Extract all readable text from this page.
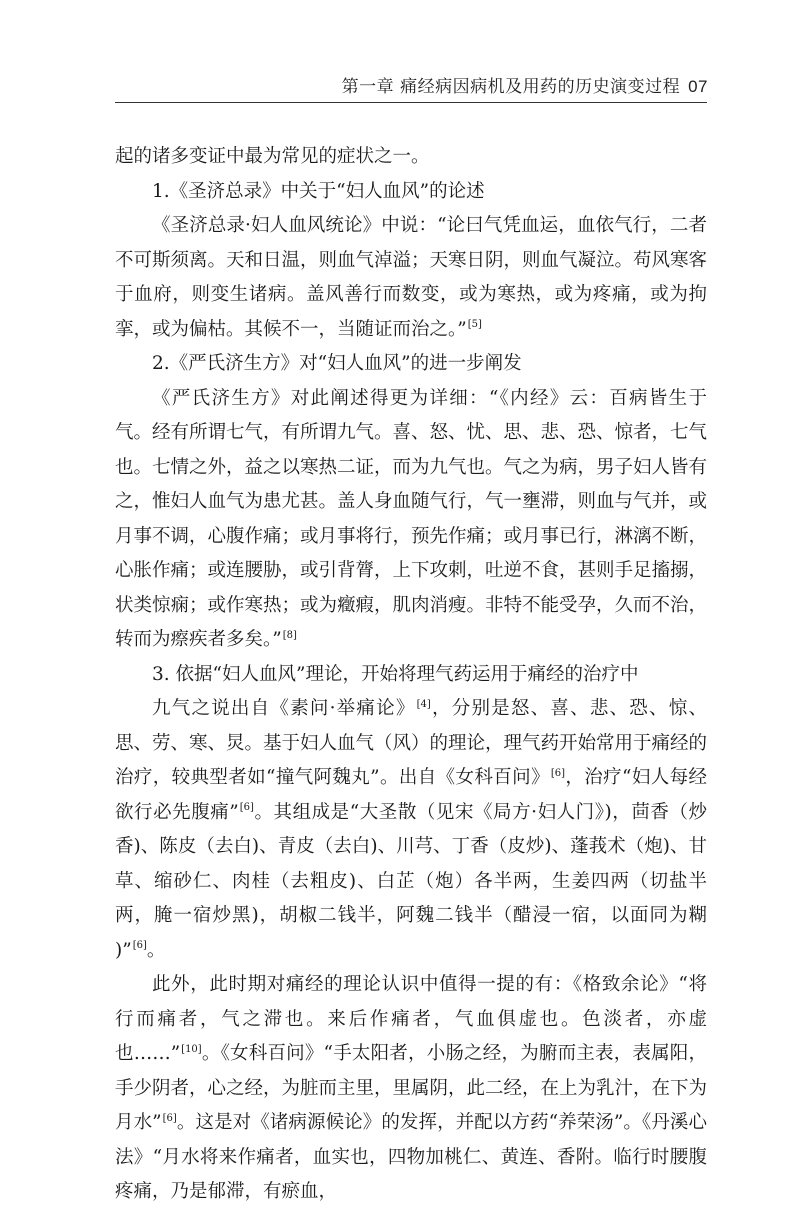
第一章 痛经病因病机及用药的历史演变过程 07

起的诸多变证中最为常见的症状之一。

1.《圣济总录》中关于“妇人血风”的论述

《圣济总录·妇人血风统论》中说：“论曰气凭血运，血依气行，二者不可斯须离。天和日温，则血气淖溢；天寒日阴，则血气凝泣。苟风寒客于血府，则变生诸病。盖风善行而数变，或为寒热，或为疼痛，或为拘挛，或为偏枯。其候不一，当随证而治之。”[5]

2.《严氏济生方》对“妇人血风”的进一步阐发

《严氏济生方》对此阐述得更为详细：“《内经》云：百病皆生于气。经有所谓七气，有所谓九气。喜、怒、忧、思、悲、恐、惊者，七气也。七情之外，益之以寒热二证，而为九气也。气之为病，男子妇人皆有之，惟妇人血气为患尤甚。盖人身血随气行，气一壅滞，则血与气并，或月事不调，心腹作痛；或月事将行，预先作痛；或月事已行，淋漓不断，心胀作痛；或连腰胁，或引背膂，上下攻刺，吐逆不食，甚则手足搐搦，状类惊痫；或作寒热；或为癥瘕，肌肉消瘦。非特不能受孕，久而不治，转而为瘵疾者多矣。”[8]

3. 依据“妇人血风”理论，开始将理气药运用于痛经的治疗中

九气之说出自《素问·举痛论》[4]，分别是怒、喜、悲、恐、惊、思、劳、寒、炅。基于妇人血气（风）的理论，理气药开始常用于痛经的治疗，较典型者如“撞气阿魏丸”。出自《女科百问》[6]，治疗“妇人每经欲行必先腹痛”[6]。其组成是“大圣散（见宋《局方·妇人门》)，茴香（炒香)、陈皮（去白)、青皮（去白)、川芎、丁香（皮炒)、蓬莪术（炮)、甘草、缩砂仁、肉桂（去粗皮)、白芷（炮）各半两，生姜四两（切盐半两，腌一宿炒黑)，胡椒二钱半，阿魏二钱半（醋浸一宿，以面同为糊 )”[6]。

此外，此时期对痛经的理论认识中值得一提的有：《格致余论》“将行而痛者，气之滞也。来后作痛者，气血俱虚也。色淡者，亦虚也……”[10]。《女科百问》“手太阳者，小肠之经，为腑而主表，表属阳，手少阴者，心之经，为脏而主里，里属阴，此二经，在上为乳汁，在下为月水”[6]。这是对《诸病源候论》的发挥，并配以方药“养荣汤”。《丹溪心法》“月水将来作痛者，血实也，四物加桃仁、黄连、香附。临行时腰腹疼痛，乃是郁滞，有瘀血，
